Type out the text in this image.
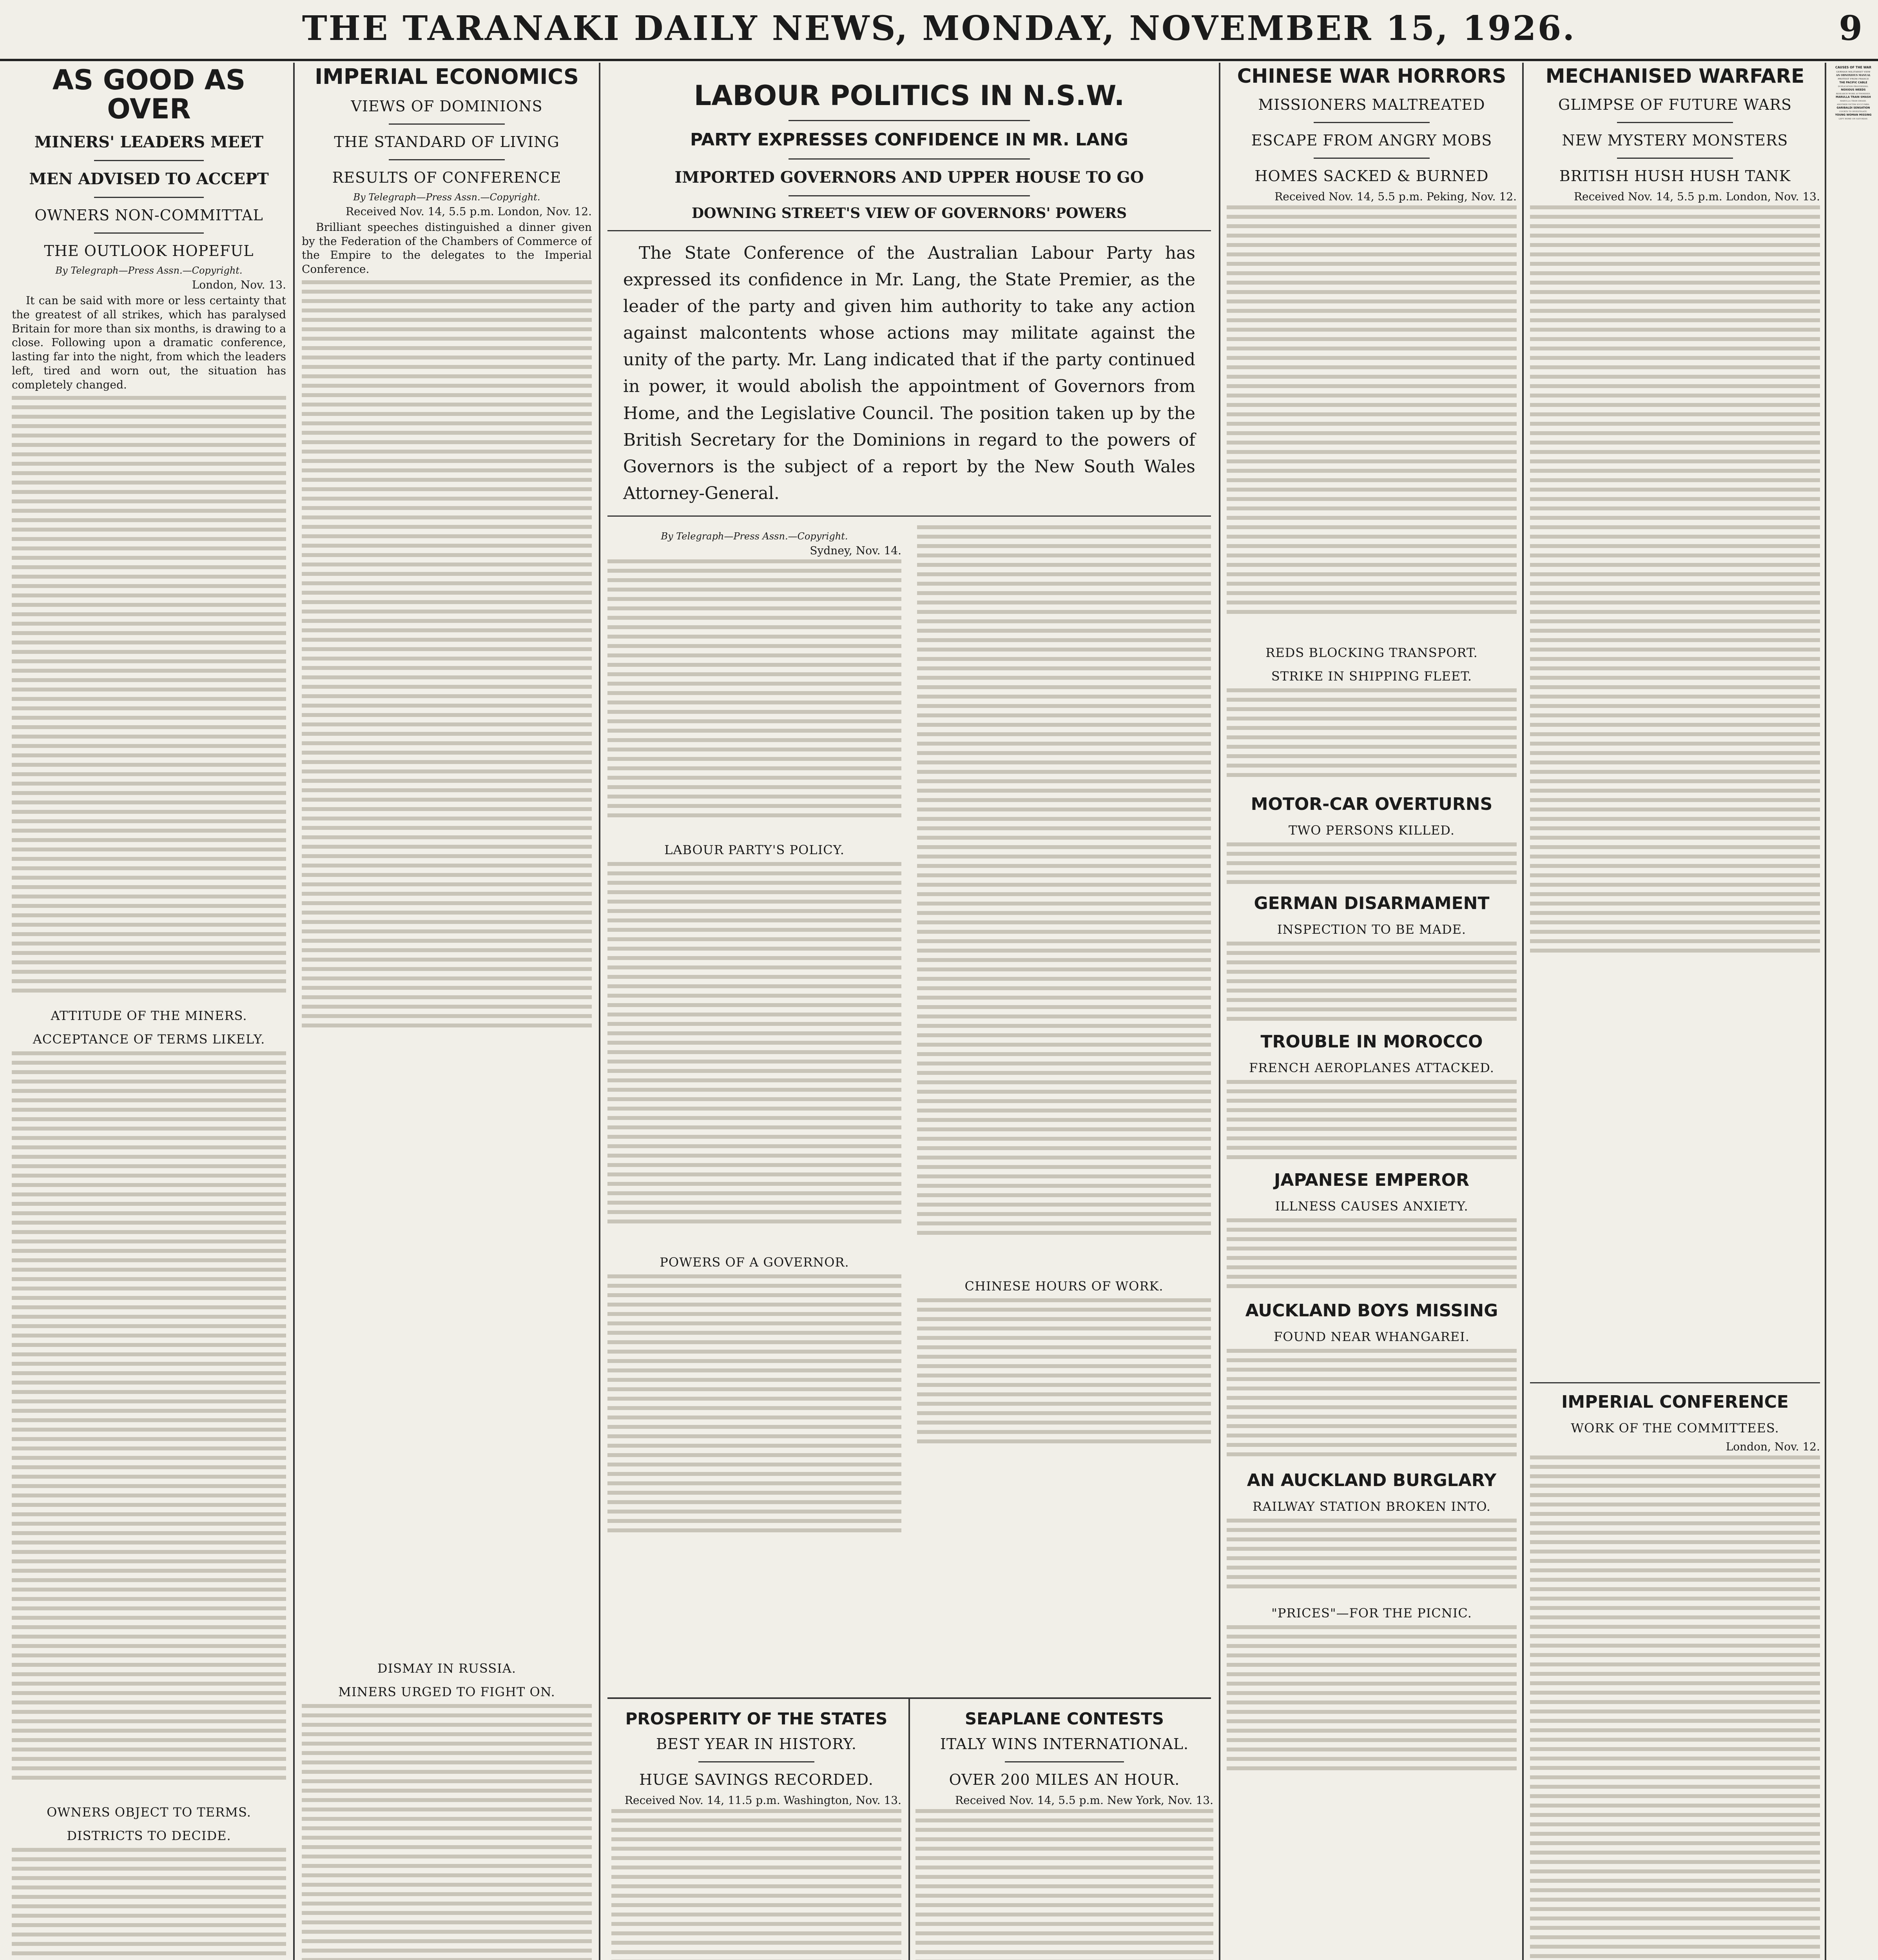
THE TARANAKI DAILY NEWS, MONDAY, NOVEMBER 15, 1926.	9
AS GOOD AS OVER
MINERS' LEADERS MEET
MEN ADVISED TO ACCEPT
OWNERS NON-COMMITTAL
THE OUTLOOK HOPEFUL
By Telegraph—Press Assn.—Copyright.
London, Nov. 13.

It can be said with more or less certainty that the greatest of all strikes, which has paralysed Britain for more than six months, is drawing to a close. Following upon a dramatic conference, lasting far into the night, from which the leaders left, tired and worn out, the situation has completely changed.

ATTITUDE OF THE MINERS.
ACCEPTANCE OF TERMS LIKELY.
OWNERS OBJECT TO TERMS.
DISTRICTS TO DECIDE.
IMPERIAL ECONOMICS
VIEWS OF DOMINIONS
THE STANDARD OF LIVING
RESULTS OF CONFERENCE
By Telegraph—Press Assn.—Copyright.
Received Nov. 14, 5.5 p.m. London, Nov. 12.

Brilliant speeches distinguished a dinner given by the Federation of the Chambers of Commerce of the Empire to the delegates to the Imperial Conference.

DISMAY IN RUSSIA.
MINERS URGED TO FIGHT ON.
LABOUR POLITICS IN N.S.W.
PARTY EXPRESSES CONFIDENCE IN MR. LANG
IMPORTED GOVERNORS AND UPPER HOUSE TO GO
DOWNING STREET'S VIEW OF GOVERNORS' POWERS

The State Conference of the Australian Labour Party has expressed its confidence in Mr. Lang, the State Premier, as the leader of the party and given him authority to take any action against malcontents whose actions may militate against the unity of the party. Mr. Lang indicated that if the party continued in power, it would abolish the appointment of Governors from Home, and the Legislative Council. The position taken up by the British Secretary for the Dominions in regard to the powers of Governors is the subject of a report by the New South Wales Attorney-General.

By Telegraph—Press Assn.—Copyright.
Sydney, Nov. 14.
LABOUR PARTY'S POLICY.
POWERS OF A GOVERNOR.
CHINESE HOURS OF WORK.
PROSPERITY OF THE STATES
BEST YEAR IN HISTORY.
HUGE SAVINGS RECORDED.
Received Nov. 14, 11.5 p.m. Washington, Nov. 13.
SEAPLANE CONTESTS
ITALY WINS INTERNATIONAL.
OVER 200 MILES AN HOUR.
Received Nov. 14, 5.5 p.m. New York, Nov. 13.
CHINESE WAR HORRORS
MISSIONERS MALTREATED
ESCAPE FROM ANGRY MOBS
HOMES SACKED & BURNED
Received Nov. 14, 5.5 p.m. Peking, Nov. 12.
REDS BLOCKING TRANSPORT.
STRIKE IN SHIPPING FLEET.
MOTOR-CAR OVERTURNS
TWO PERSONS KILLED.
GERMAN DISARMAMENT
INSPECTION TO BE MADE.
TROUBLE IN MOROCCO
FRENCH AEROPLANES ATTACKED.
JAPANESE EMPEROR
ILLNESS CAUSES ANXIETY.
AUCKLAND BOYS MISSING
FOUND NEAR WHANGAREI.
AN AUCKLAND BURGLARY
RAILWAY STATION BROKEN INTO.
"PRICES"—FOR THE PICNIC.
MECHANISED WARFARE
GLIMPSE OF FUTURE WARS
NEW MYSTERY MONSTERS
BRITISH HUSH HUSH TANK
Received Nov. 14, 5.5 p.m. London, Nov. 13.
IMPERIAL CONFERENCE
WORK OF THE COMMITTEES.
London, Nov. 12.
CAUSES OF THE WAR
GERMAN MILITARIST VIEW
AN OBNOXIOUS MANUAL
PROTEST FROM FRANCE
THE PACIFIC CABLE
DUPLICATION PROCEEDING.
NOXIOUS WEEDS
RESEARCH WORK AUTHORISED.
MARULLA TRAIN SMASH
MARULLA TRAM SMASH.
ANOTHER VICTIM SUCCUMBS.
GARIBALDI SENSATION
COURTS TO INVESTIGATE.
YOUNG WOMAN MISSING
LEFT HOME ON SATURDAY.
